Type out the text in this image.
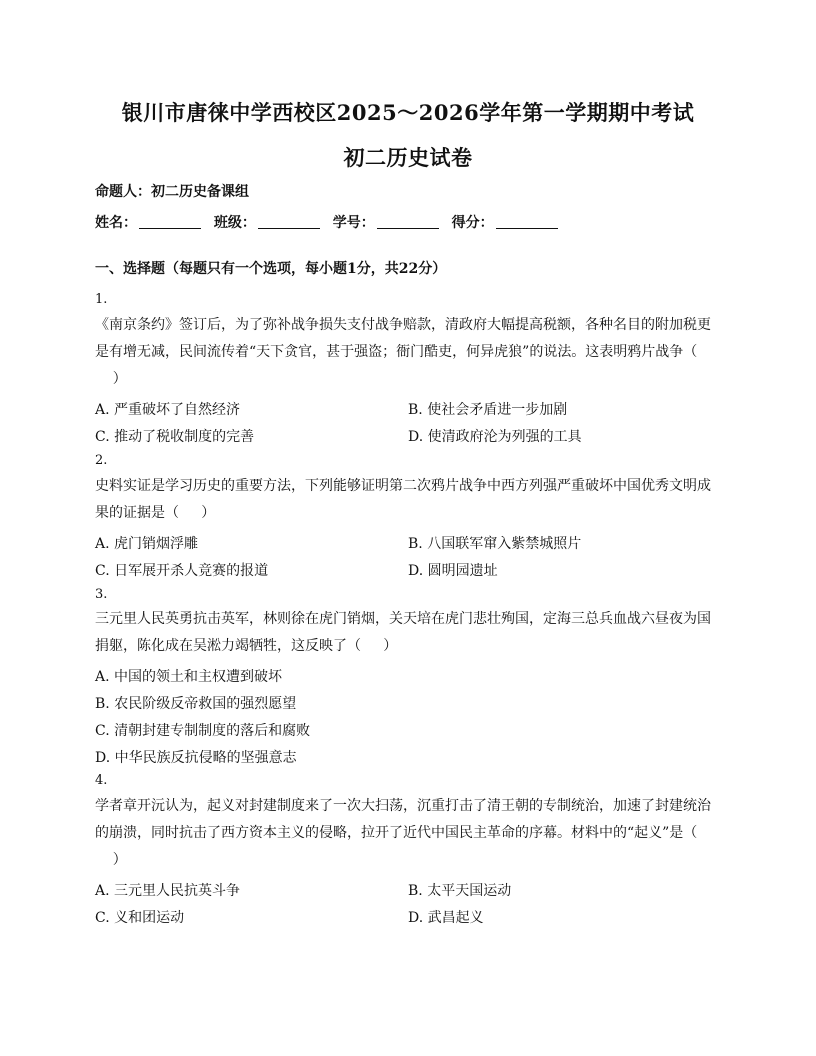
银川市唐徕中学西校区2025～2026学年第一学期期中考试
初二历史试卷
命题人：初二历史备课组
姓名：	班级：	学号：	得分：
一、选择题（每题只有一个选项，每小题1分，共22分）
1.
《南京条约》签订后，为了弥补战争损失支付战争赔款，清政府大幅提高税额，各种名目的附加税更
是有增无减，民间流传着“天下贪官，甚于强盗；衙门酷吏，何异虎狼”的说法。这表明鸦片战争（
）
A. 严重破坏了自然经济	B. 使社会矛盾进一步加剧
C. 推动了税收制度的完善	D. 使清政府沦为列强的工具
2.
史料实证是学习历史的重要方法，下列能够证明第二次鸦片战争中西方列强严重破坏中国优秀文明成
果的证据是（     ）
A. 虎门销烟浮雕	B. 八国联军窜入紫禁城照片
C. 日军展开杀人竞赛的报道	D. 圆明园遗址
3.
三元里人民英勇抗击英军，林则徐在虎门销烟，关天培在虎门悲壮殉国，定海三总兵血战六昼夜为国
捐躯，陈化成在吴淞力竭牺牲，这反映了（     ）
A. 中国的领土和主权遭到破坏
B. 农民阶级反帝救国的强烈愿望
C. 清朝封建专制制度的落后和腐败
D. 中华民族反抗侵略的坚强意志
4.
学者章开沅认为，起义对封建制度来了一次大扫荡，沉重打击了清王朝的专制统治，加速了封建统治
的崩溃，同时抗击了西方资本主义的侵略，拉开了近代中国民主革命的序幕。材料中的“起义”是（
）
A. 三元里人民抗英斗争	B. 太平天国运动
C. 义和团运动	D. 武昌起义
